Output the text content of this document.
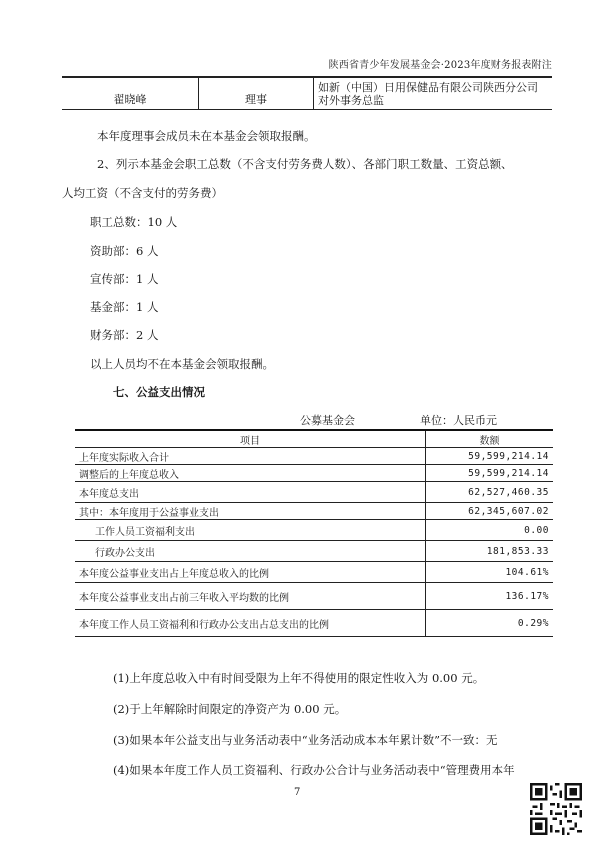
陕西省青少年发展基金会·2023年度财务报表附注
翟晓峰	理事	如新（中国）日用保健品有限公司陕西分公司对外事务总监
本年度理事会成员未在本基金会领取报酬。
2、列示本基金会职工总数（不含支付劳务费人数）、各部门职工数量、工资总额、
人均工资（不含支付的劳务费）
职工总数：10 人
资助部：6 人
宣传部：1 人
基金部：1 人
财务部：2 人
以上人员均不在本基金会领取报酬。
七、公益支出情况
公募基金会	单位：人民币元
项目	数额
上年度实际收入合计	59,599,214.14
调整后的上年度总收入	59,599,214.14
本年度总支出	62,527,460.35
其中：本年度用于公益事业支出	62,345,607.02
工作人员工资福利支出	0.00
行政办公支出	181,853.33
本年度公益事业支出占上年度总收入的比例	104.61%
本年度公益事业支出占前三年收入平均数的比例	136.17%
本年度工作人员工资福利和行政办公支出占总支出的比例	0.29%
(1)上年度总收入中有时间受限为上年不得使用的限定性收入为 0.00 元。
(2)于上年解除时间限定的净资产为 0.00 元。
(3)如果本年公益支出与业务活动表中“业务活动成本本年累计数”不一致：无
(4)如果本年度工作人员工资福利、行政办公合计与业务活动表中“管理费用本年
7
